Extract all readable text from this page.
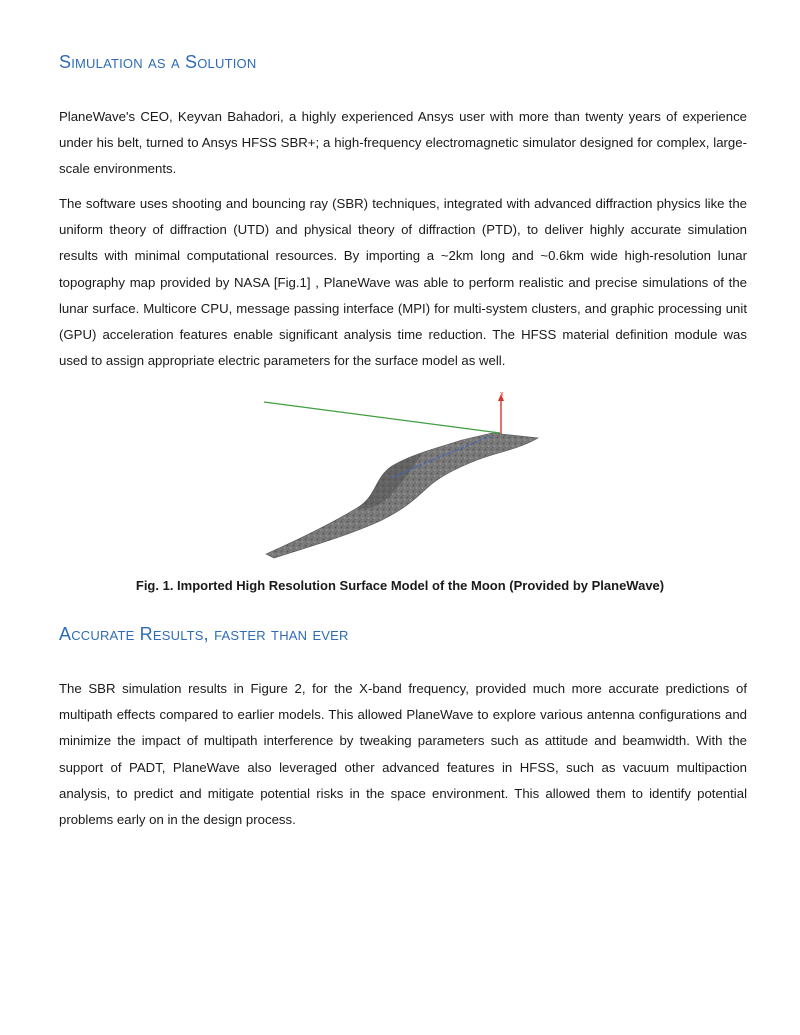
Simulation as a Solution

PlaneWave's CEO, Keyvan Bahadori, a highly experienced Ansys user with more than twenty years of experience under his belt, turned to Ansys HFSS SBR+; a high-frequency electromagnetic simulator designed for complex, large-scale environments.

The software uses shooting and bouncing ray (SBR) techniques, integrated with advanced diffraction physics like the uniform theory of diffraction (UTD) and physical theory of diffraction (PTD), to deliver highly accurate simulation results with minimal computational resources. By importing a ~2km long and ~0.6km wide high-resolution lunar topography map provided by NASA [Fig.1] , PlaneWave was able to perform realistic and precise simulations of the lunar surface. Multicore CPU, message passing interface (MPI) for multi-system clusters, and graphic processing unit (GPU) acceleration features enable significant analysis time reduction. The HFSS material definition module was used to assign appropriate electric parameters for the surface model as well.

x

Fig. 1. Imported High Resolution Surface Model of the Moon (Provided by PlaneWave)

Accurate Results, faster than ever

The SBR simulation results in Figure 2, for the X-band frequency, provided much more accurate predictions of multipath effects compared to earlier models. This allowed PlaneWave to explore various antenna configurations and minimize the impact of multipath interference by tweaking parameters such as attitude and beamwidth. With the support of PADT, PlaneWave also leveraged other advanced features in HFSS, such as vacuum multipaction analysis, to predict and mitigate potential risks in the space environment. This allowed them to identify potential problems early on in the design process.
